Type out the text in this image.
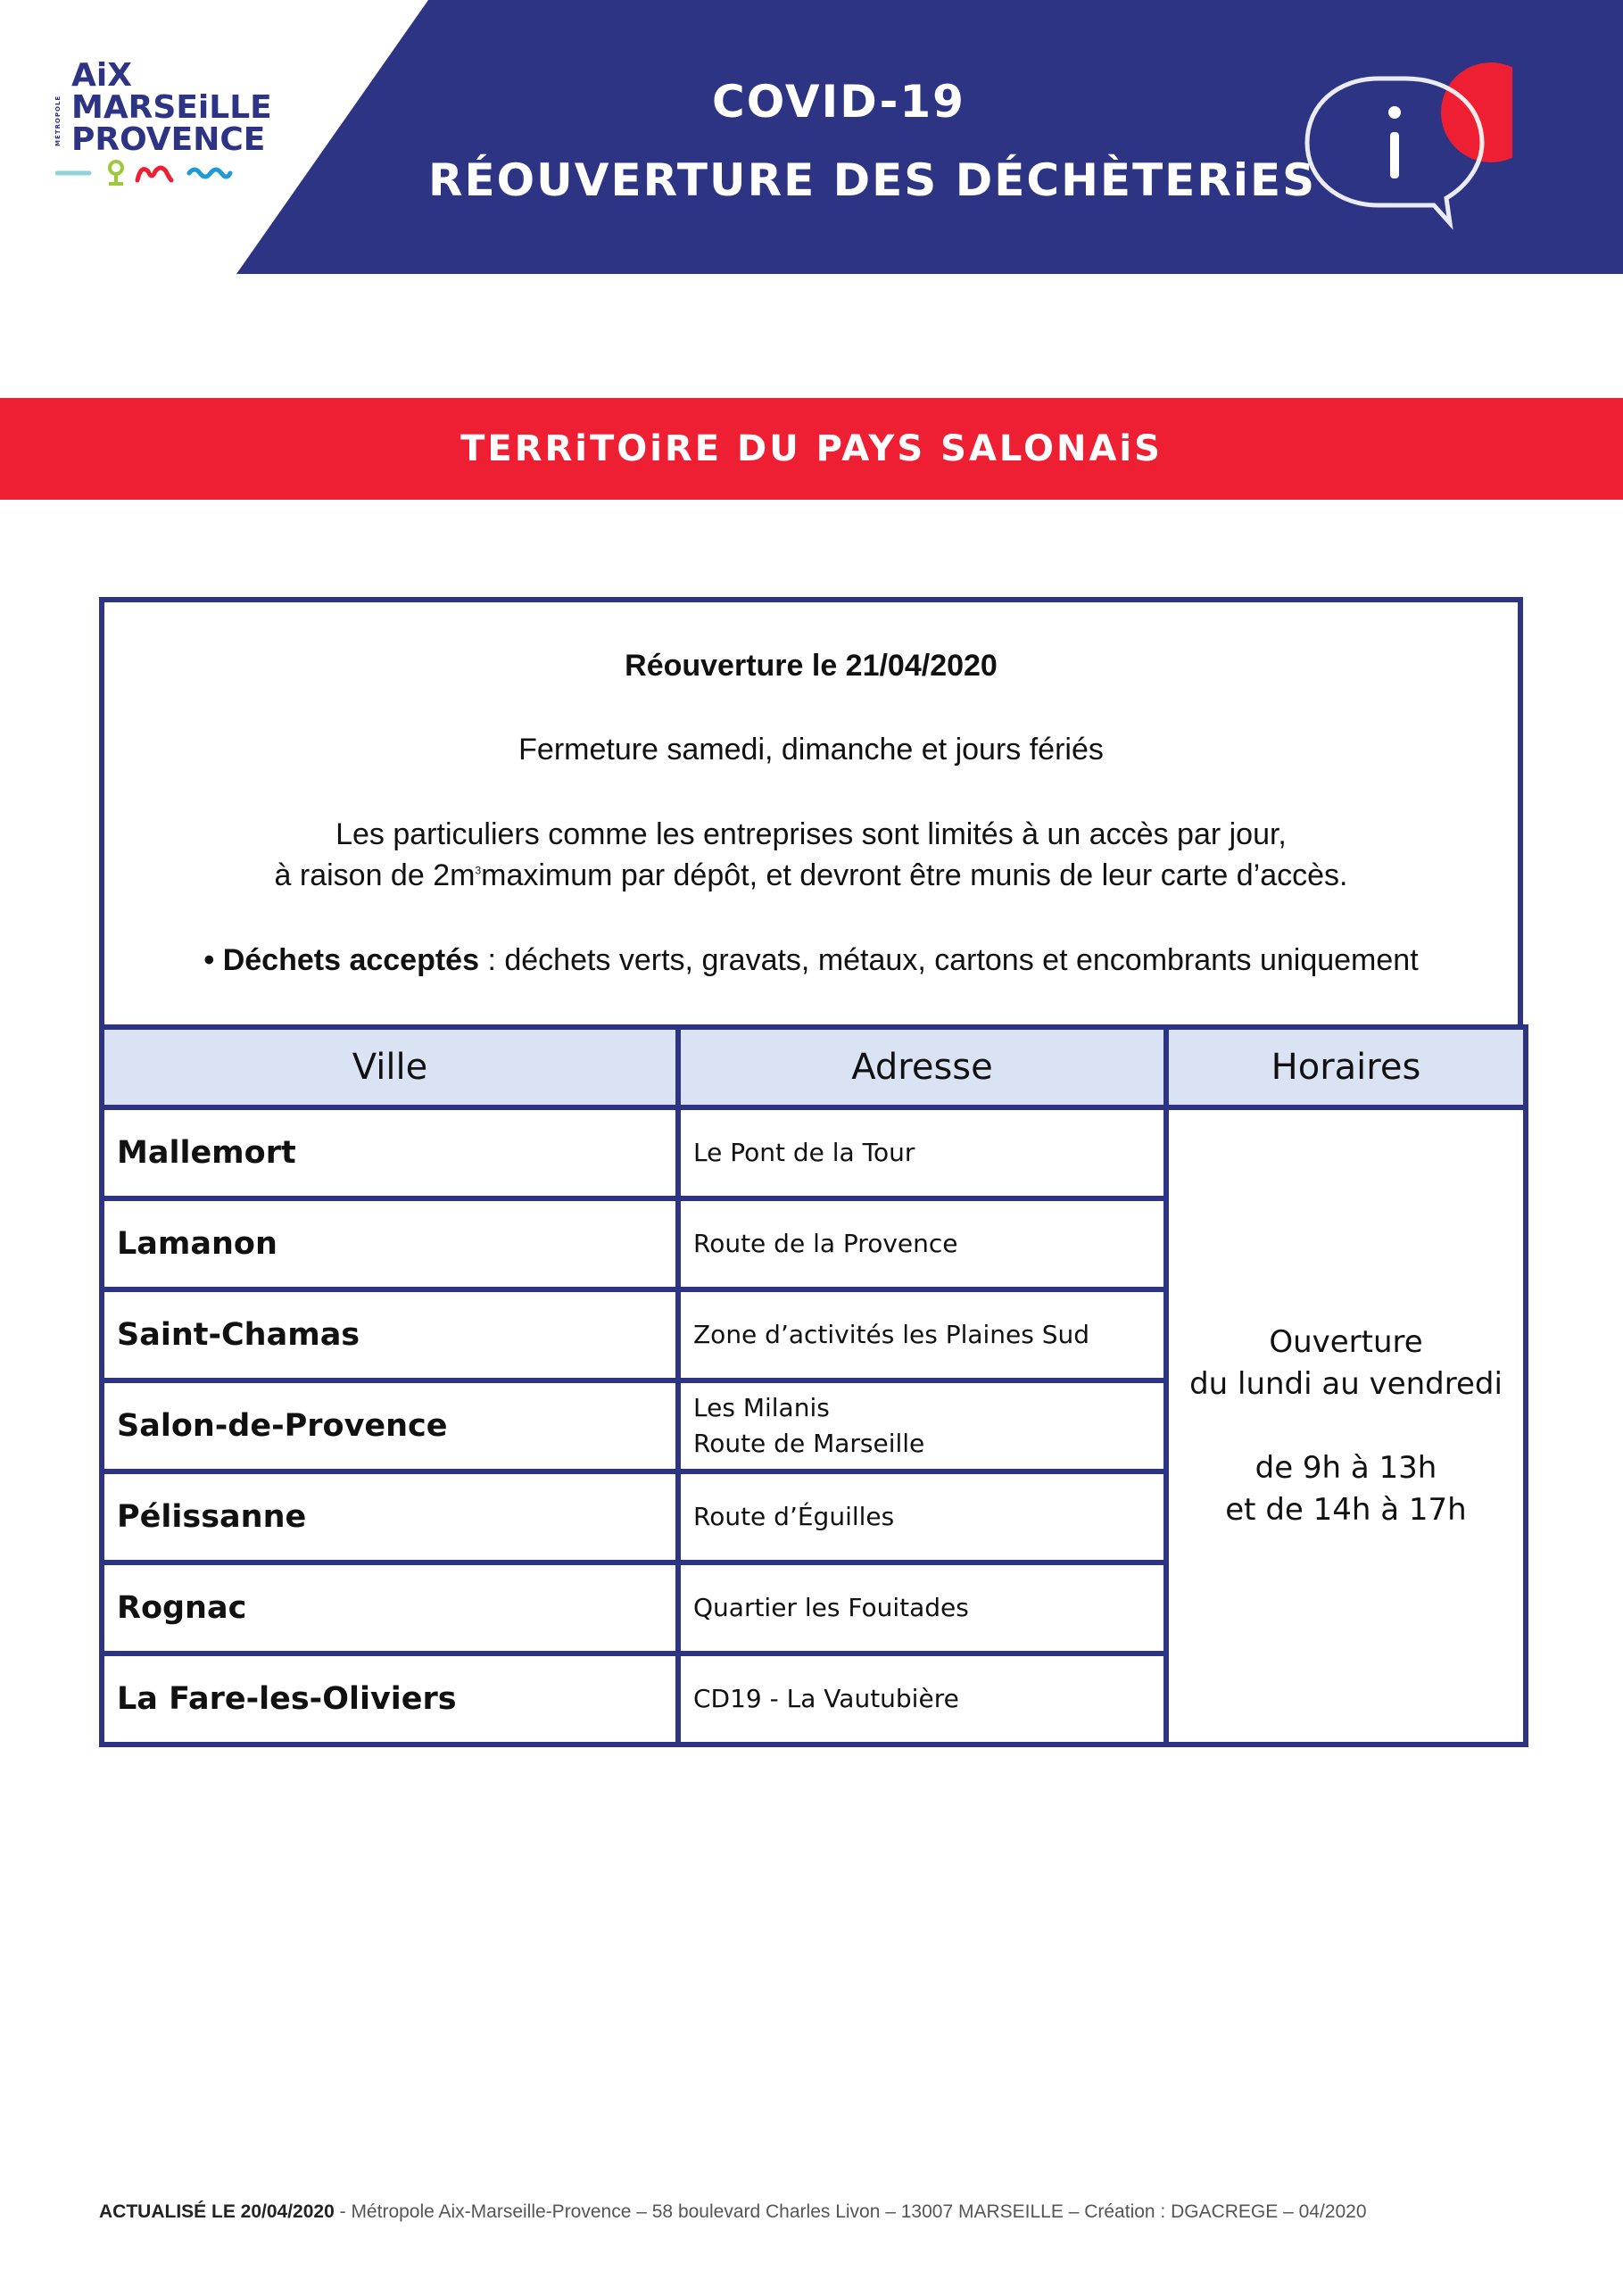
MÉTROPOLE
AiX
MARSEiLLE
PROVENCE
COVID-19
RÉOUVERTURE DES DÉCHÈTERiES
TERRiTOiRE DU PAYS SALONAiS
Réouverture le 21/04/2020
Fermeture samedi, dimanche et jours fériés
Les particuliers comme les entreprises sont limités à un accès par jour,
à raison de $2m^3maximum$ par dépôt, et devront être munis de leur carte d’accès.
• Déchets acceptés : déchets verts, gravats, métaux, cartons et encombrants uniquement
Ville	Adresse	Horaires
Mallemort	Le Pont de la Tour	Ouverture
du lundi au vendredi
de 9h à 13h
et de 14h à 17h

Lamanon	Route de la Provence	
Saint-Chamas	Zone d’activités les Plaines Sud	
Salon-de-Provence	Les Milanis
Route de Marseille	

Pélissanne	Route d’Éguilles	
Rognac	Quartier les Fouitades	
La Fare-les-Oliviers	CD19 - La Vautubière	
ACTUALISÉ LE 20/04/2020 - Métropole Aix-Marseille-Provence – 58 boulevard Charles Livon – 13007 MARSEILLE – Création : DGACREGE – 04/2020
